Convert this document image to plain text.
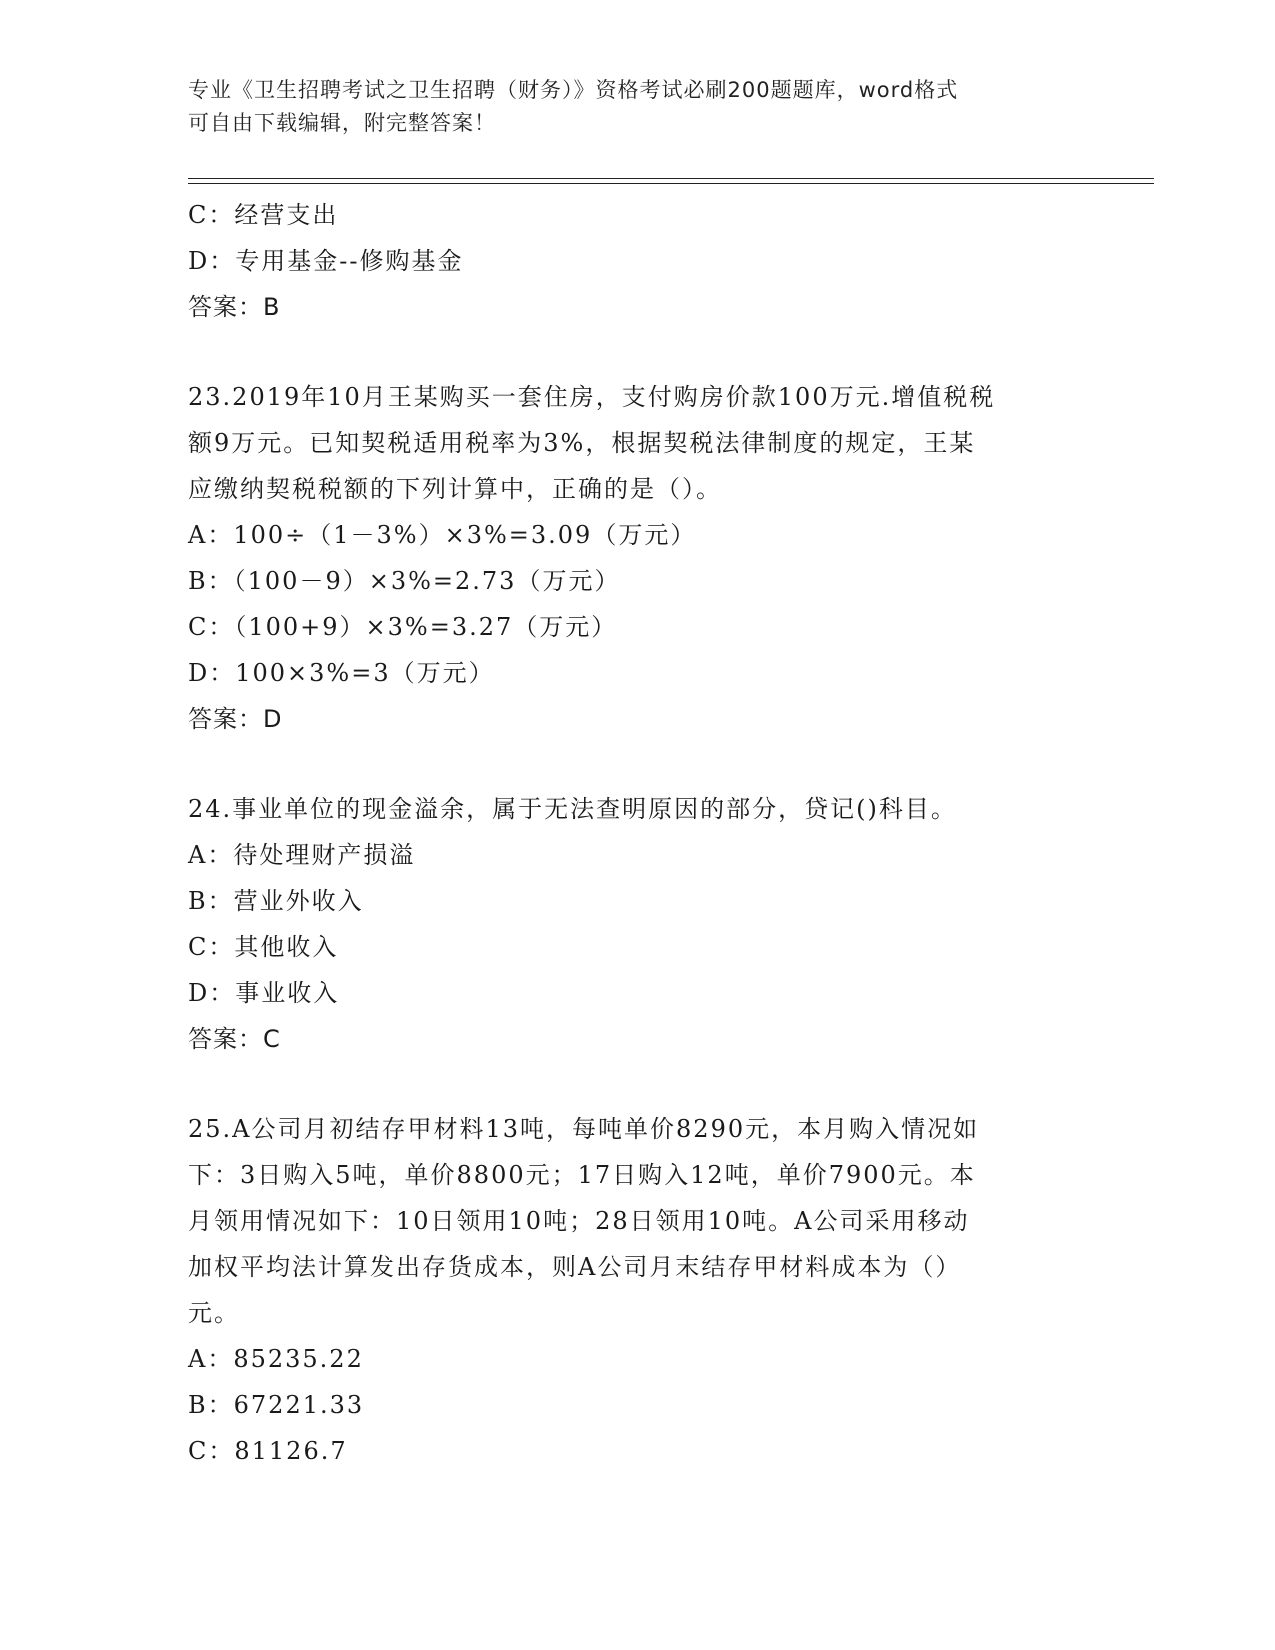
专业《卫生招聘考试之卫生招聘（财务）》资格考试必刷200题题库，word格式
可自由下载编辑，附完整答案！
C：经营支出
D：专用基金--修购基金
答案：B
23.2019年10月王某购买一套住房，支付购房价款100万元.增值税税
额9万元。已知契税适用税率为3%，根据契税法律制度的规定，王某
应缴纳契税税额的下列计算中，正确的是（）。
A：100÷（1－3%）×3%=3.09（万元）
B：（100－9）×3%=2.73（万元）
C：（100+9）×3%=3.27（万元）
D：100×3%=3（万元）
答案：D
24.事业单位的现金溢余，属于无法查明原因的部分，贷记()科目。
A：待处理财产损溢
B：营业外收入
C：其他收入
D：事业收入
答案：C
25.A公司月初结存甲材料13吨，每吨单价8290元，本月购入情况如
下：3日购入5吨，单价8800元；17日购入12吨，单价7900元。本
月领用情况如下：10日领用10吨；28日领用10吨。A公司采用移动
加权平均法计算发出存货成本，则A公司月末结存甲材料成本为（）
元。
A：85235.22
B：67221.33
C：81126.7
